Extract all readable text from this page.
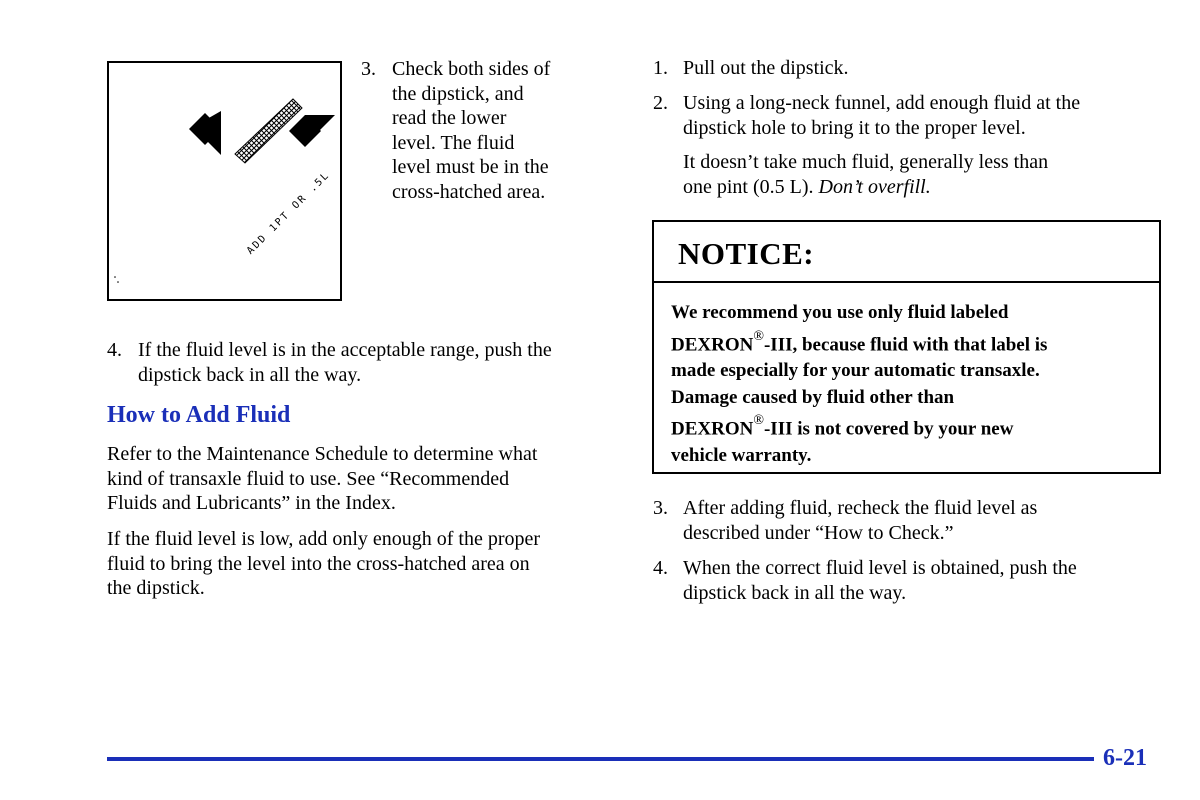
ADD 1PT OR .5L
3. Check both sides of
the dipstick, and
read the lower
level. The fluid
level must be in the
cross-hatched area.
4. If the fluid level is in the acceptable range, push the
dipstick back in all the way.
How to Add Fluid
Refer to the Maintenance Schedule to determine what
kind of transaxle fluid to use. See “Recommended
Fluids and Lubricants” in the Index.
If the fluid level is low, add only enough of the proper
fluid to bring the level into the cross-hatched area on
the dipstick.
1. Pull out the dipstick.
2. Using a long-neck funnel, add enough fluid at the
dipstick hole to bring it to the proper level.
It doesn’t take much fluid, generally less than
one pint (0.5 L). Don’t overfill.
NOTICE:
We recommend you use only fluid labeled
DEXRON®-III, because fluid with that label is
made especially for your automatic transaxle.
Damage caused by fluid other than
DEXRON®-III is not covered by your new
vehicle warranty.
3. After adding fluid, recheck the fluid level as
described under “How to Check.”
4. When the correct fluid level is obtained, push the
dipstick back in all the way.
6-21
